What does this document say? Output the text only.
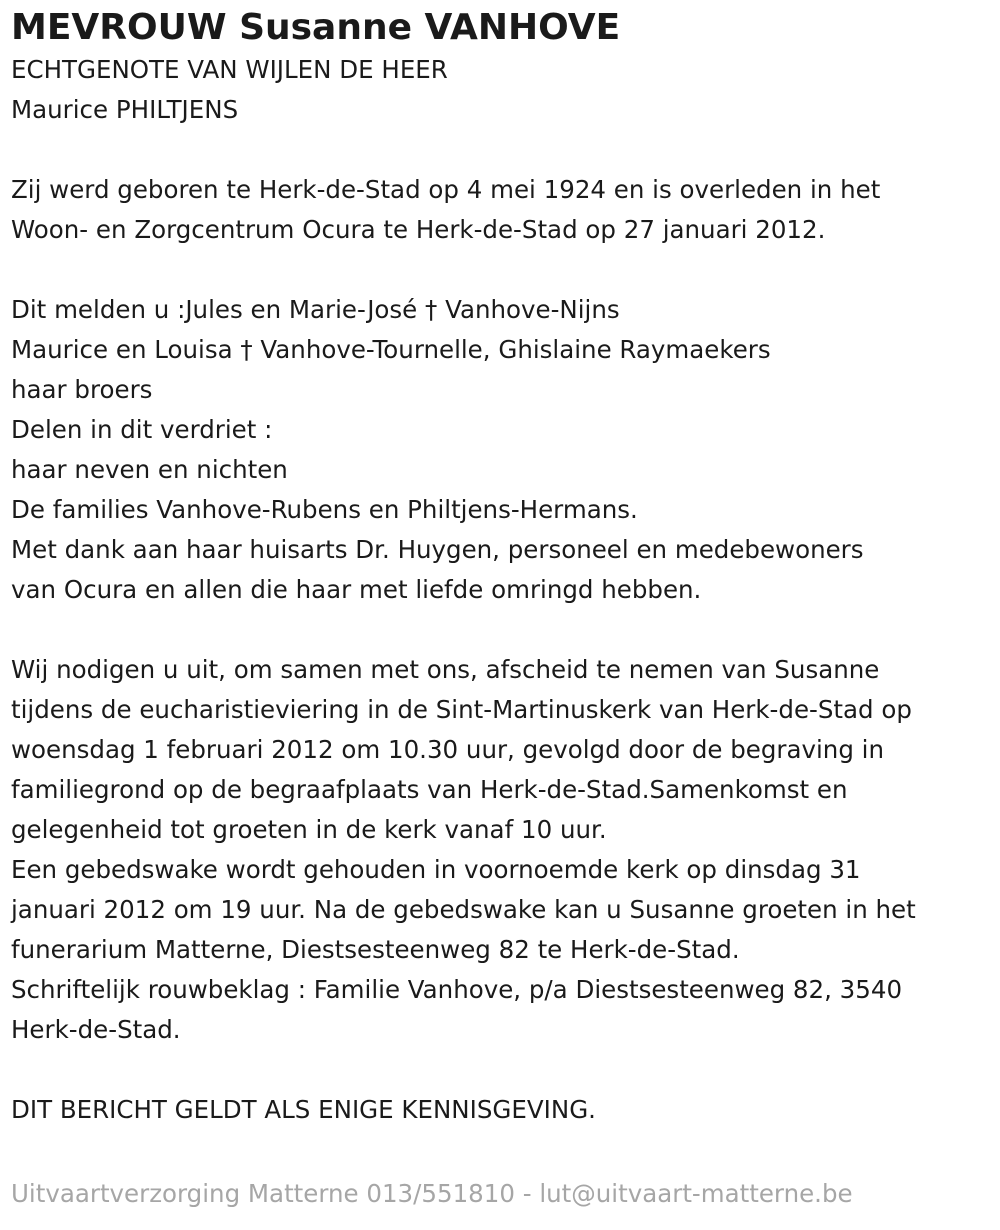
MEVROUW Susanne VANHOVE

ECHTGENOTE VAN WIJLEN DE HEER

Maurice PHILTJENS

Zij werd geboren te Herk-de-Stad op 4 mei 1924 en is overleden in het

Woon- en Zorgcentrum Ocura te Herk-de-Stad op 27 januari 2012.

Dit melden u :Jules en Marie-José † Vanhove-Nijns

Maurice en Louisa † Vanhove-Tournelle, Ghislaine Raymaekers

haar broers

Delen in dit verdriet :

haar neven en nichten

De families Vanhove-Rubens en Philtjens-Hermans.

Met dank aan haar huisarts Dr. Huygen, personeel en medebewoners

van Ocura en allen die haar met liefde omringd hebben.

Wij nodigen u uit, om samen met ons, afscheid te nemen van Susanne

tijdens de eucharistieviering in de Sint-Martinuskerk van Herk-de-Stad op

woensdag 1 februari 2012 om 10.30 uur, gevolgd door de begraving in

familiegrond op de begraafplaats van Herk-de-Stad.Samenkomst en

gelegenheid tot groeten in de kerk vanaf 10 uur.

Een gebedswake wordt gehouden in voornoemde kerk op dinsdag 31

januari 2012 om 19 uur. Na de gebedswake kan u Susanne groeten in het

funerarium Matterne, Diestsesteenweg 82 te Herk-de-Stad.

Schriftelijk rouwbeklag : Familie Vanhove, p/a Diestsesteenweg 82, 3540

Herk-de-Stad.

DIT BERICHT GELDT ALS ENIGE KENNISGEVING.

Uitvaartverzorging Matterne 013/551810 - lut@uitvaart-matterne.be
